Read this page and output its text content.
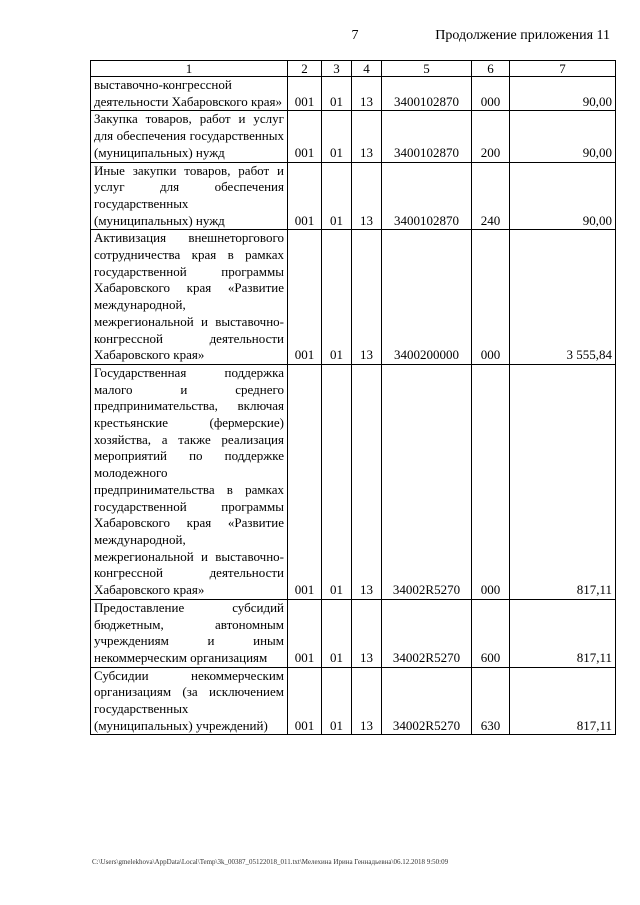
7	Продолжение приложения 11
1	2	3	4	5	6	7
выставочно-конгрессной деятельности Хабаровского края»	001	01	13	3400102870	000	90,00
Закупка товаров, работ и услуг для обеспечения государственных (муниципальных) нужд	001	01	13	3400102870	200	90,00
Иные закупки товаров, работ и услуг для обеспечения государственных (муниципальных) нужд	001	01	13	3400102870	240	90,00
Активизация внешнеторгового сотрудничества края в рамках государственной программы Хабаровского края «Развитие международной, межрегиональной и выставочно-конгрессной деятельности Хабаровского края»	001	01	13	3400200000	000	3 555,84
Государственная поддержка малого и среднего предпринимательства, включая крестьянские (фермерские) хозяйства, а также реализация мероприятий по поддержке молодежного предпринимательства в рамках государственной программы Хабаровского края «Развитие международной, межрегиональной и выставочно-конгрессной деятельности Хабаровского края»	001	01	13	34002R5270	000	817,11
Предоставление субсидий бюджетным, автономным учреждениям и иным некоммерческим организациям	001	01	13	34002R5270	600	817,11
Субсидии некоммерческим организациям (за исключением государственных (муниципальных) учреждений)	001	01	13	34002R5270	630	817,11
C:\Users\gmelekhova\AppData\Local\Temp\3k_00387_05122018_011.txt\Мелехина Ирина Геннадьевна\06.12.2018 9:50:09
